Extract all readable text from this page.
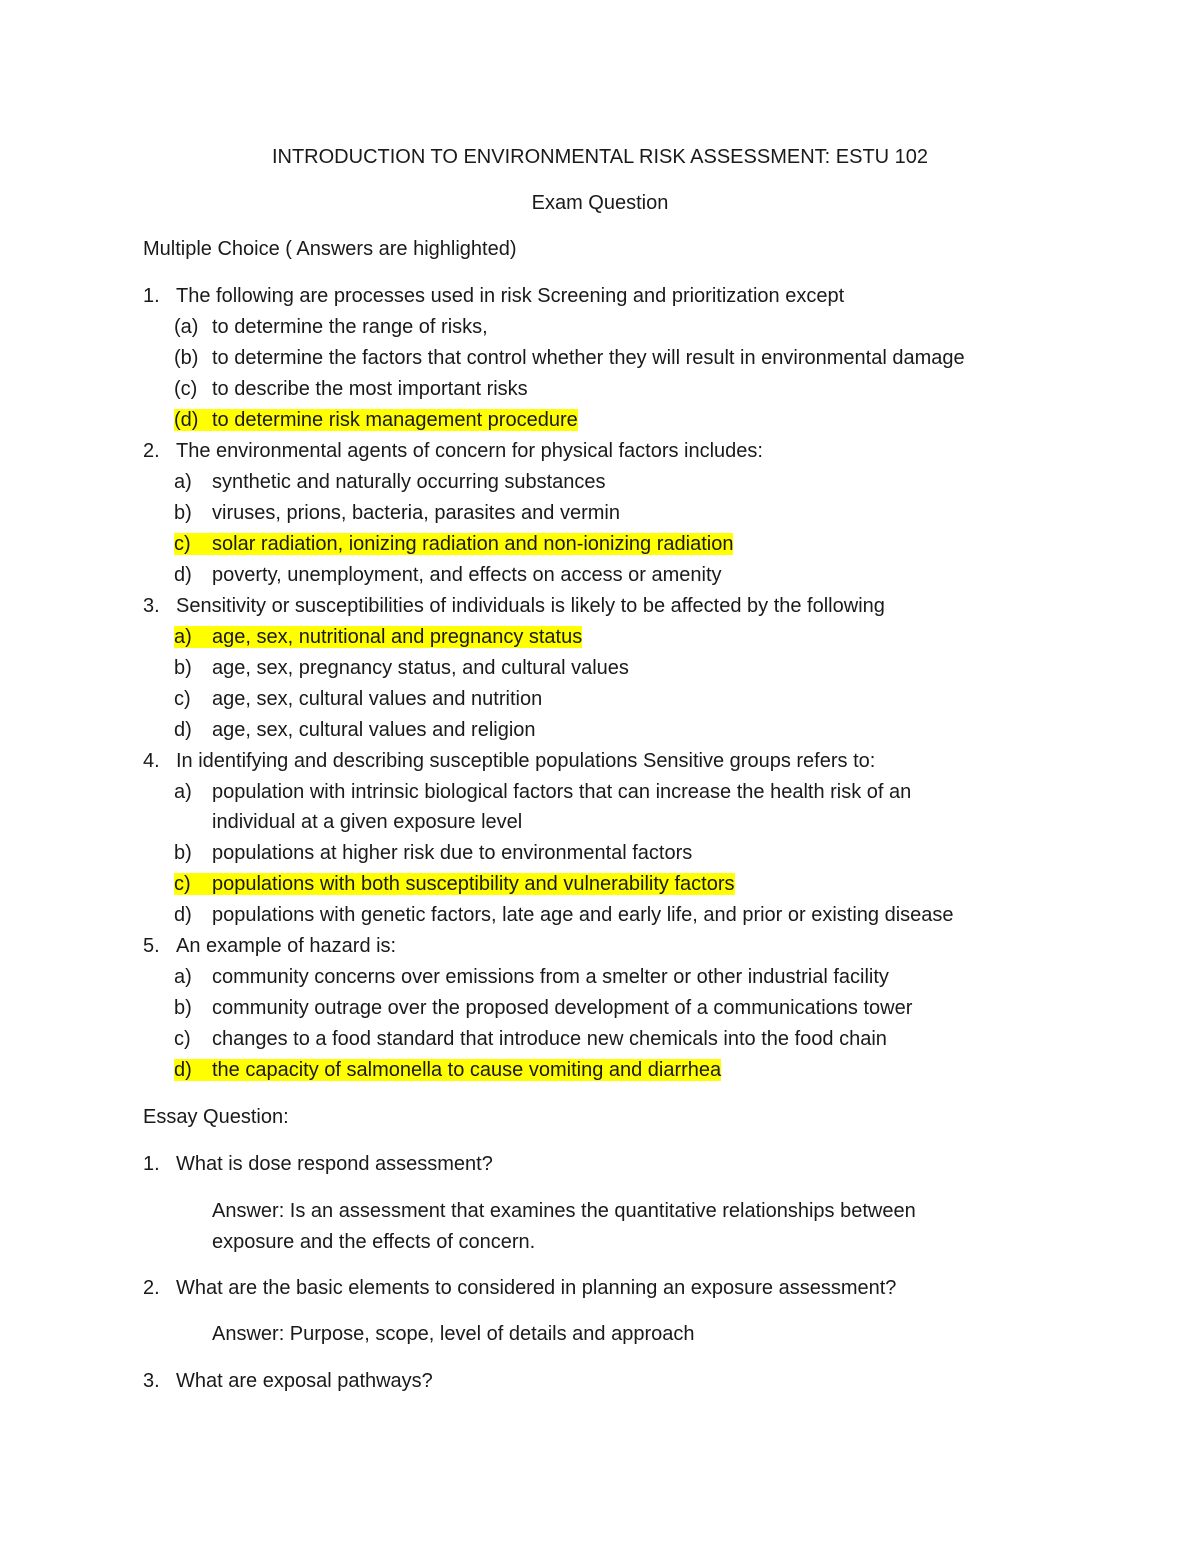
INTRODUCTION TO ENVIRONMENTAL RISK ASSESSMENT: ESTU 102
Exam Question
Multiple Choice ( Answers are highlighted)
1. The following are processes used in risk Screening and prioritization except
(a) to determine the range of risks,
(b) to determine the factors that control whether they will result in environmental damage
(c) to describe the most important risks
(d) to determine risk management procedure
2. The environmental agents of concern for physical factors includes:
a) synthetic and naturally occurring substances
b) viruses, prions, bacteria, parasites and vermin
c) solar radiation, ionizing radiation and non-ionizing radiation
d) poverty, unemployment, and effects on access or amenity
3. Sensitivity or susceptibilities of individuals is likely to be affected by the following
a) age, sex, nutritional and pregnancy status
b) age, sex, pregnancy status, and cultural values
c) age, sex, cultural values and nutrition
d) age, sex, cultural values and religion
4. In identifying and describing susceptible populations Sensitive groups refers to:
a) population with intrinsic biological factors that can increase the health risk of an
individual at a given exposure level
b) populations at higher risk due to environmental factors
c) populations with both susceptibility and vulnerability factors
d) populations with genetic factors, late age and early life, and prior or existing disease
5. An example of hazard is:
a) community concerns over emissions from a smelter or other industrial facility
b) community outrage over the proposed development of a communications tower
c) changes to a food standard that introduce new chemicals into the food chain
d) the capacity of salmonella to cause vomiting and diarrhea
Essay Question:
1. What is dose respond assessment?
Answer: Is an assessment that examines the quantitative relationships between
exposure and the effects of concern.
2. What are the basic elements to considered in planning an exposure assessment?
Answer: Purpose, scope, level of details and approach
3. What are exposal pathways?
